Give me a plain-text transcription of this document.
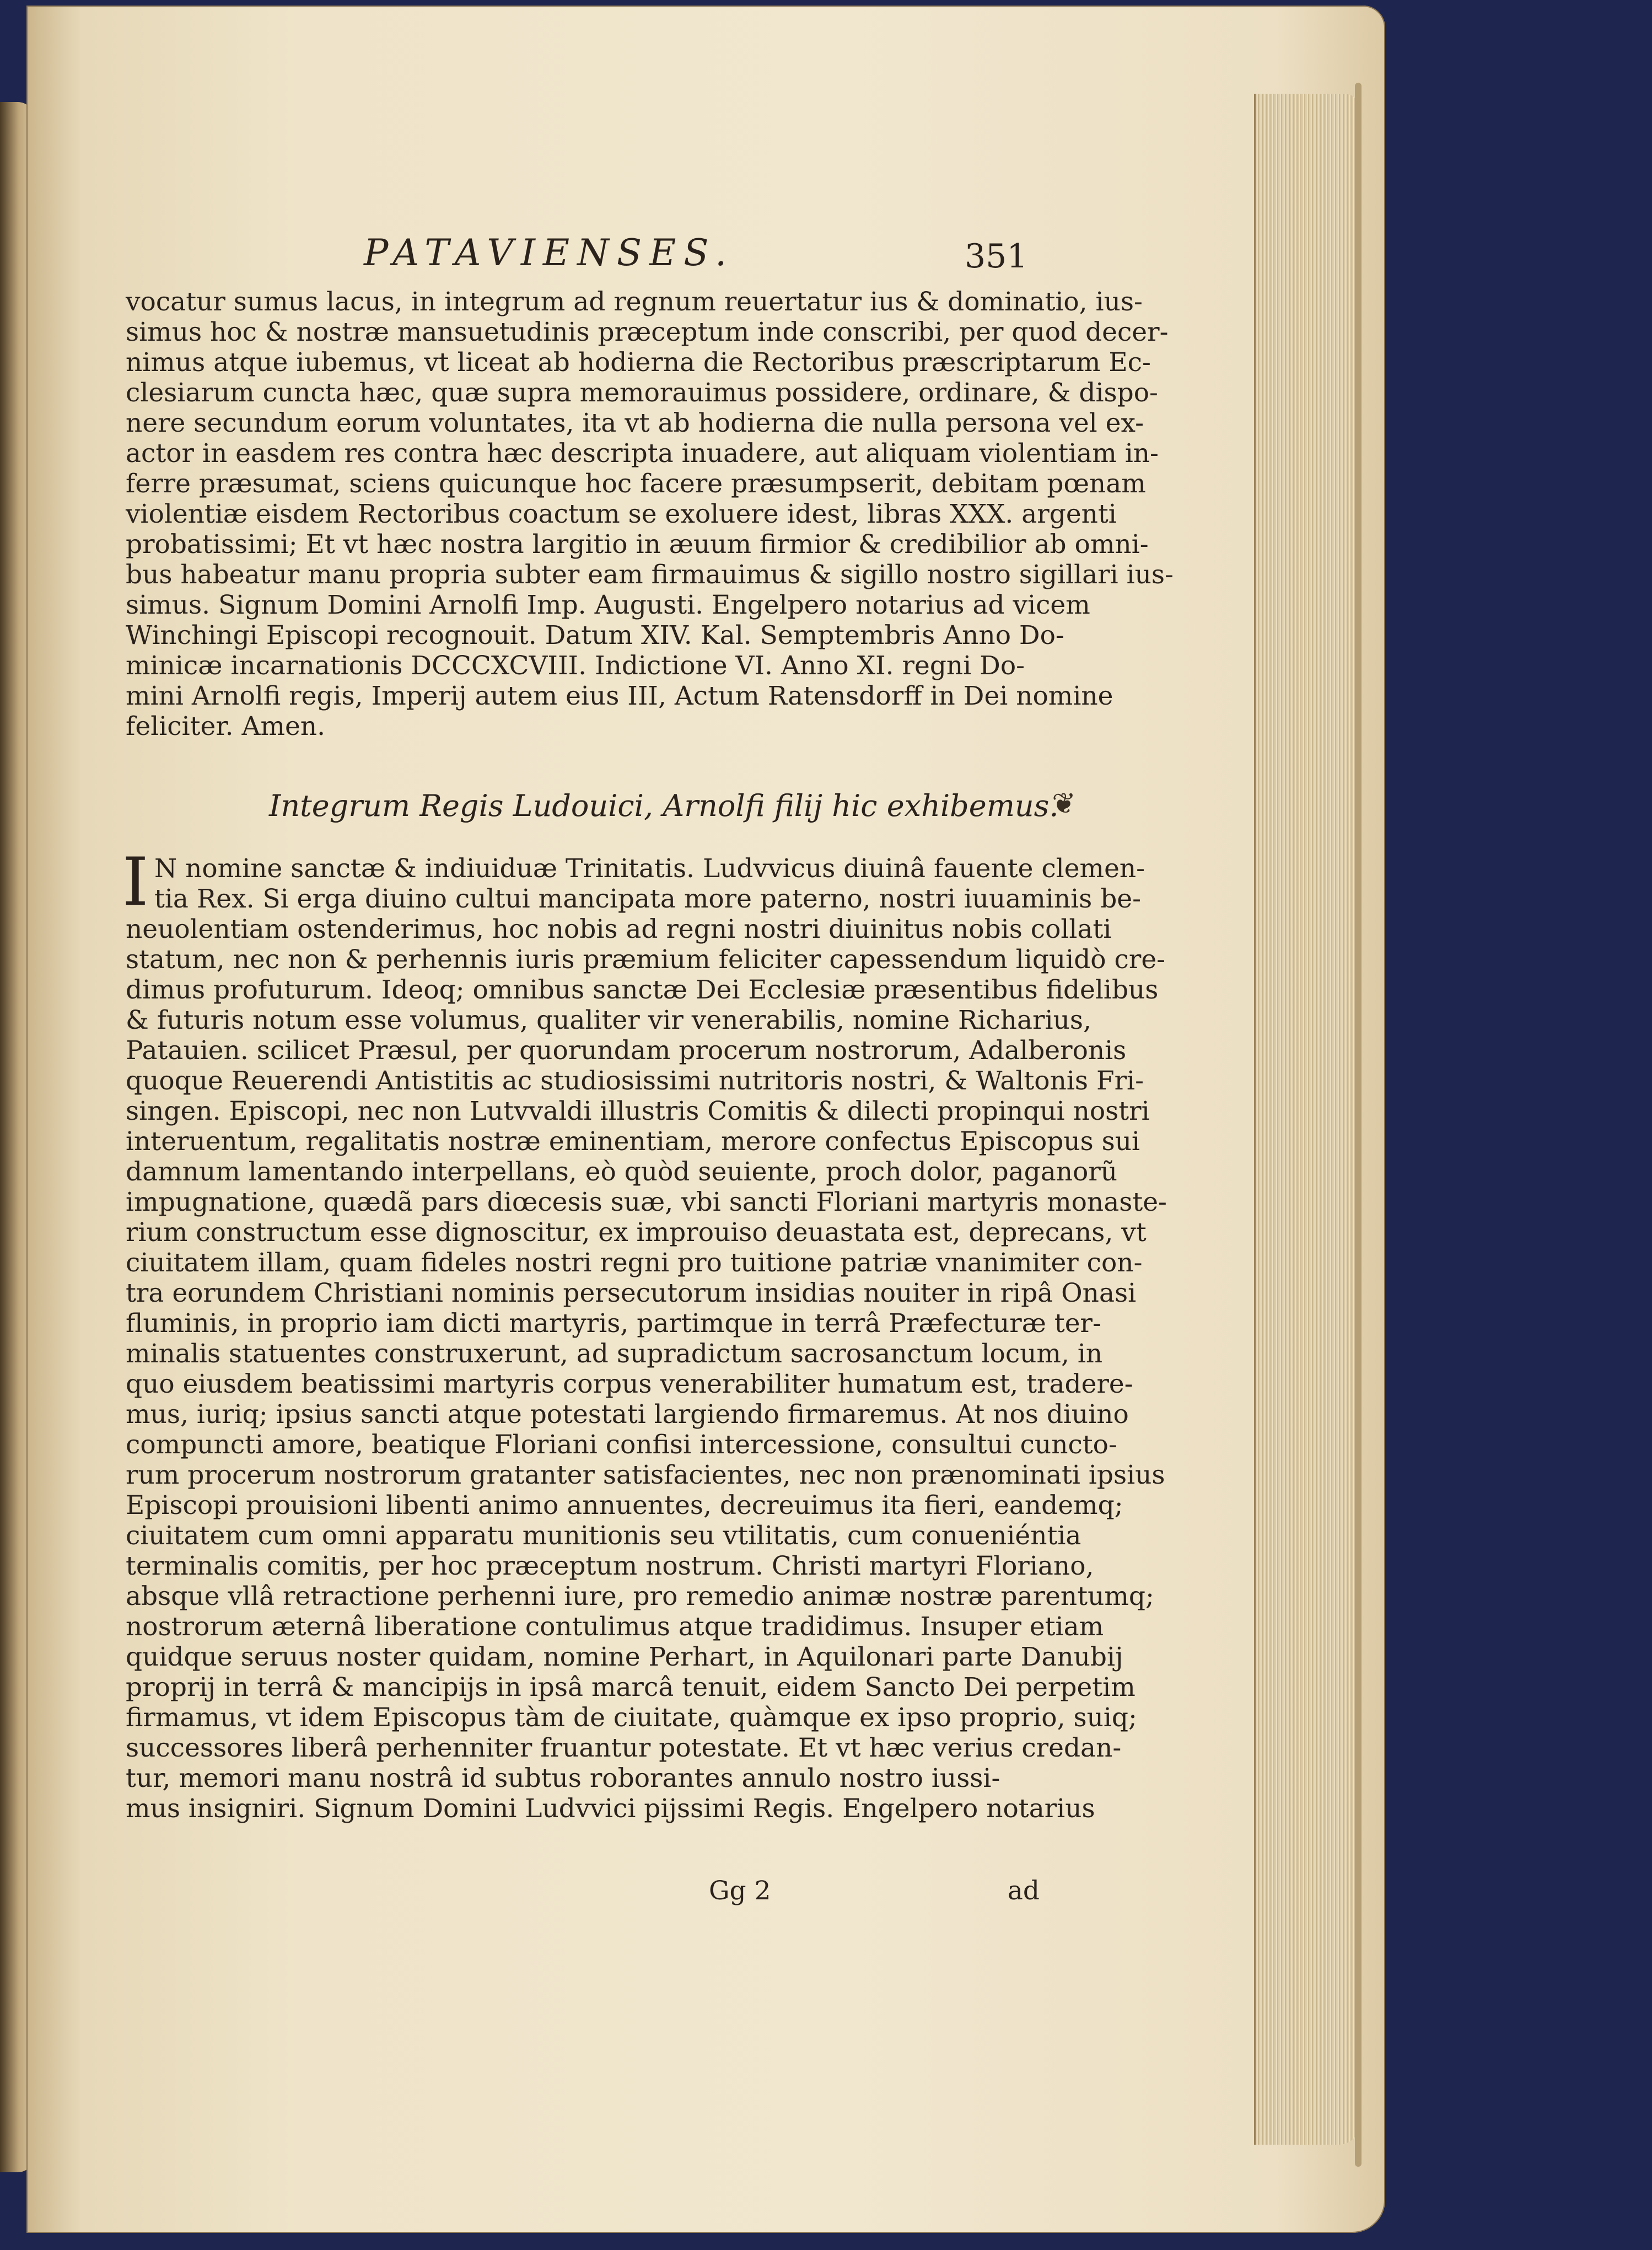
PATAVIENSES.	351
vocatur sumus lacus, in integrum ad regnum reuertatur ius & dominatio, ius-
simus hoc & nostræ mansuetudinis præceptum inde conscribi, per quod decer-
nimus atque iubemus, vt liceat ab hodierna die Rectoribus præscriptarum Ec-
clesiarum cuncta hæc, quæ supra memorauimus possidere, ordinare, & dispo-
nere secundum eorum voluntates, ita vt ab hodierna die nulla persona vel ex-
actor in easdem res contra hæc descripta inuadere, aut aliquam violentiam in-
ferre præsumat, sciens quicunque hoc facere præsumpserit, debitam pœnam
violentiæ eisdem Rectoribus coactum se exoluere idest, libras XXX. argenti
probatissimi; Et vt hæc nostra largitio in æuum firmior & credibilior ab omni-
bus habeatur manu propria subter eam firmauimus & sigillo nostro sigillari ius-
simus. Signum Domini Arnolfi Imp. Augusti. Engelpero notarius ad vicem
Winchingi Episcopi recognouit. Datum XIV. Kal. Semptembris Anno Do-
minicæ incarnationis DCCCXCVIII. Indictione VI. Anno XI. regni Do-
mini Arnolfi regis, Imperij autem eius III, Actum Ratensdorff in Dei nomine
feliciter. Amen.
Integrum Regis Ludouici, Arnolfi filij hic exhibemus.
❦
I N nomine sanctæ & indiuiduæ Trinitatis. Ludvvicus diuinâ fauente clemen-
tia Rex. Si erga diuino cultui mancipata more paterno, nostri iuuaminis be-
neuolentiam ostenderimus, hoc nobis ad regni nostri diuinitus nobis collati
statum, nec non & perhennis iuris præmium feliciter capessendum liquidò cre-
dimus profuturum. Ideoq; omnibus sanctæ Dei Ecclesiæ præsentibus fidelibus
& futuris notum esse volumus, qualiter vir venerabilis, nomine Richarius,
Patauien. scilicet Præsul, per quorundam procerum nostrorum, Adalberonis
quoque Reuerendi Antistitis ac studiosissimi nutritoris nostri, & Waltonis Fri-
singen. Episcopi, nec non Lutvvaldi illustris Comitis & dilecti propinqui nostri
interuentum, regalitatis nostræ eminentiam, merore confectus Episcopus sui
damnum lamentando interpellans, eò quòd seuiente, proch dolor, paganorũ
impugnatione, quædã pars diœcesis suæ, vbi sancti Floriani martyris monaste-
rium constructum esse dignoscitur, ex improuiso deuastata est, deprecans, vt
ciuitatem illam, quam fideles nostri regni pro tuitione patriæ vnanimiter con-
tra eorundem Christiani nominis persecutorum insidias nouiter in ripâ Onasi
fluminis, in proprio iam dicti martyris, partimque in terrâ Præfecturæ ter-
minalis statuentes construxerunt, ad supradictum sacrosanctum locum, in
quo eiusdem beatissimi martyris corpus venerabiliter humatum est, tradere-
mus, iuriq; ipsius sancti atque potestati largiendo firmaremus. At nos diuino
compuncti amore, beatique Floriani confisi intercessione, consultui cuncto-
rum procerum nostrorum gratanter satisfacientes, nec non prænominati ipsius
Episcopi prouisioni libenti animo annuentes, decreuimus ita fieri, eandemq;
ciuitatem cum omni apparatu munitionis seu vtilitatis, cum conueniéntia
terminalis comitis, per hoc præceptum nostrum. Christi martyri Floriano,
absque vllâ retractione perhenni iure, pro remedio animæ nostræ parentumq;
nostrorum æternâ liberatione contulimus atque tradidimus. Insuper etiam
quidque seruus noster quidam, nomine Perhart, in Aquilonari parte Danubij
proprij in terrâ & mancipijs in ipsâ marcâ tenuit, eidem Sancto Dei perpetim
firmamus, vt idem Episcopus tàm de ciuitate, quàmque ex ipso proprio, suiq;
successores liberâ perhenniter fruantur potestate. Et vt hæc verius credan-
tur, memori manu nostrâ id subtus roborantes annulo nostro iussi-
mus insigniri. Signum Domini Ludvvici pijssimi Regis. Engelpero notarius
Gg 2	ad
